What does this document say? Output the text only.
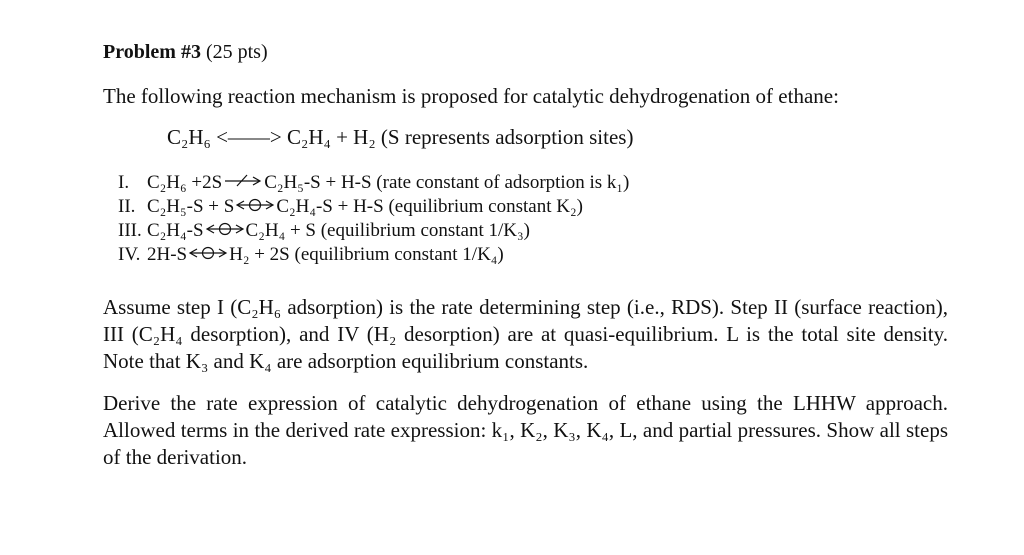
Problem #3 (25 pts)
The following reaction mechanism is proposed for catalytic dehydrogenation of ethane:
C₂H₆ <——> C₂H₄ + H₂ (S represents adsorption sites)
I. C₂H₆ +2S C₂H₅-S + H-S (rate constant of adsorption is k₁)
II. C₂H₅-S + S C₂H₄-S + H-S (equilibrium constant K₂)
III. C₂H₄-S C₂H₄ + S (equilibrium constant 1/K₃)
IV. 2H-S H₂ + 2S (equilibrium constant 1/K₄)
Assume step I (C₂H₆ adsorption) is the rate determining step (i.e., RDS). Step II (surface reaction), III (C₂H₄ desorption), and IV (H₂ desorption) are at quasi-equilibrium. L is the total site density. Note that K₃ and K₄ are adsorption equilibrium constants.
Derive the rate expression of catalytic dehydrogenation of ethane using the LHHW approach. Allowed terms in the derived rate expression: k₁, K₂, K₃, K₄, L, and partial pressures. Show all steps of the derivation.
